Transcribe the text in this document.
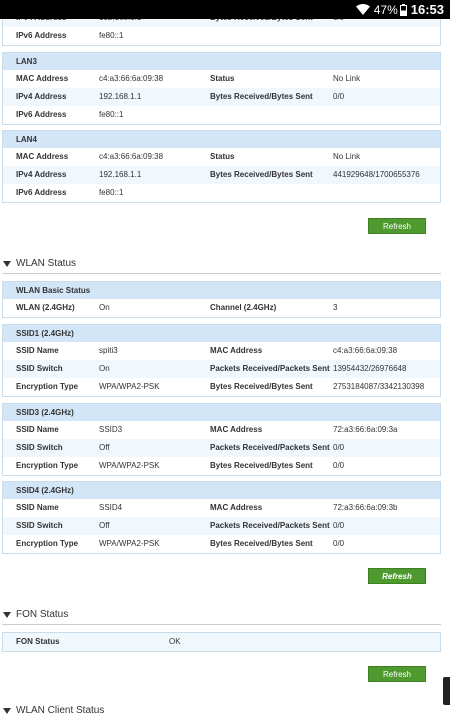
47% 16:53
IPv6 Address	fe80::1
LAN3
MAC Address	c4:a3:66:6a:09:38	Status	No Link
IPv4 Address	192.168.1.1	Bytes Received/Bytes Sent	0/0
IPv6 Address	fe80::1
LAN4
MAC Address	c4:a3:66:6a:09:38	Status	No Link
IPv4 Address	192.168.1.1	Bytes Received/Bytes Sent	441929648/1700655376
IPv6 Address	fe80::1
Refresh
WLAN Status
WLAN Basic Status
WLAN (2.4GHz)	On	Channel (2.4GHz)	3
SSID1 (2.4GHz)
SSID Name	spiti3	MAC Address	c4:a3:66:6a:09:38
SSID Switch	On	Packets Received/Packets Sent 13954432/26976648
Encryption Type	WPA/WPA2-PSK	Bytes Received/Bytes Sent	2753184087/3342130398
SSID3 (2.4GHz)
SSID Name	SSID3	MAC Address	72:a3:66:6a:09:3a
SSID Switch	Off	Packets Received/Packets Sent 0/0
Encryption Type	WPA/WPA2-PSK	Bytes Received/Bytes Sent	0/0
SSID4 (2.4GHz)
SSID Name	SSID4	MAC Address	72:a3:66:6a:09:3b
SSID Switch	Off	Packets Received/Packets Sent 0/0
Encryption Type	WPA/WPA2-PSK	Bytes Received/Bytes Sent	0/0
Refresh
FON Status
FON Status	OK
Refresh
WLAN Client Status
